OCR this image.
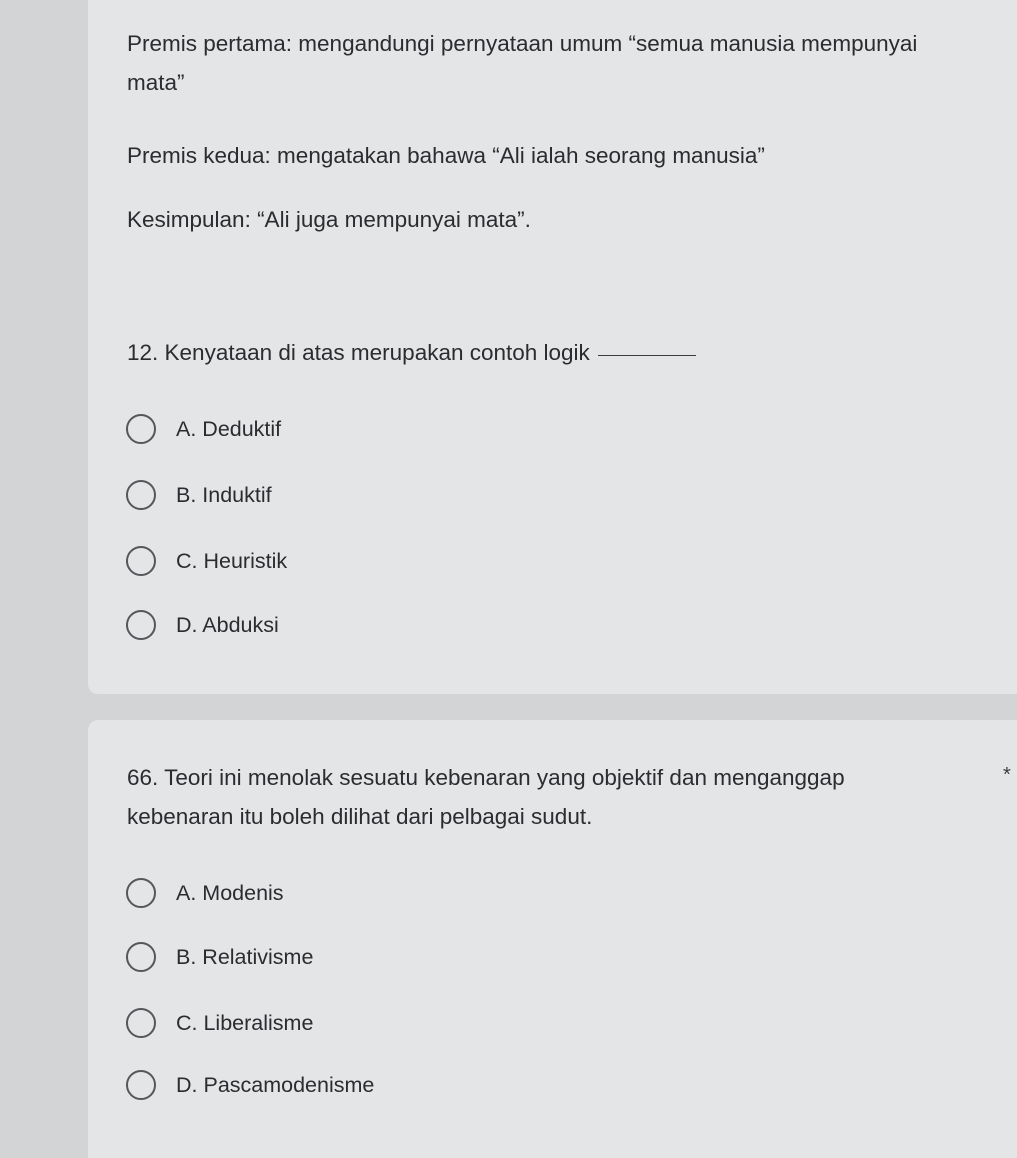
Premis pertama: mengandungi pernyataan umum “semua manusia mempunyai mata”
Premis kedua: mengatakan bahawa “Ali ialah seorang manusia”
Kesimpulan: “Ali juga mempunyai mata”.
12. Kenyataan di atas merupakan contoh logik
A. Deduktif
B. Induktif
C. Heuristik
D. Abduksi
66. Teori ini menolak sesuatu kebenaran yang objektif dan menganggap kebenaran itu boleh dilihat dari pelbagai sudut.
*
A. Modenis
B. Relativisme
C. Liberalisme
D. Pascamodenisme
